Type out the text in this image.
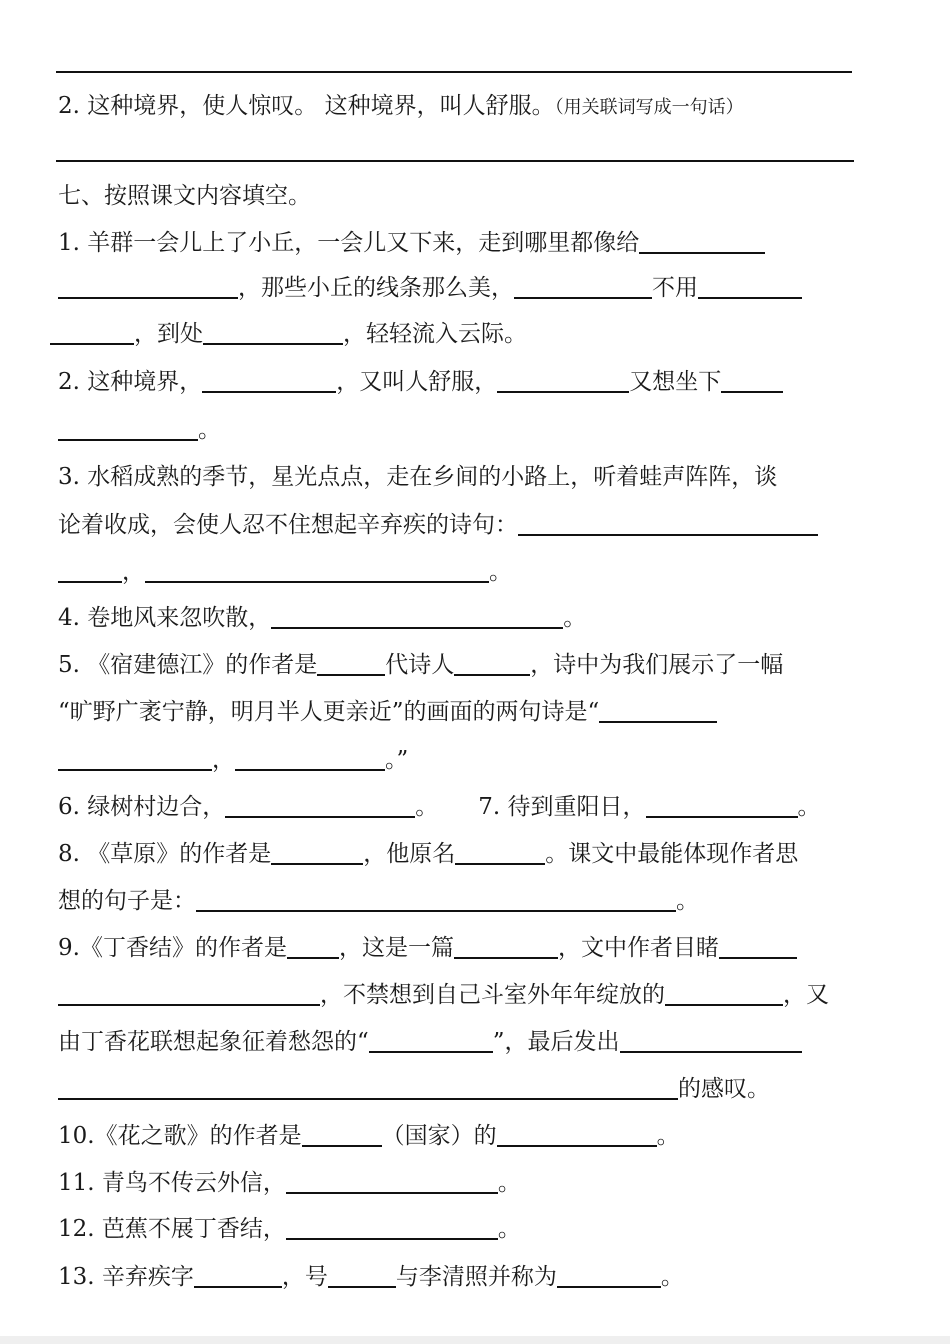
2. 这种境界，使人惊叹。 这种境界，叫人舒服。（用关联词写成一句话）
七、按照课文内容填空。
1. 羊群一会儿上了小丘，一会儿又下来，走到哪里都像给
，那些小丘的线条那么美，	不用
，到处	，轻轻流入云际。
2. 这种境界，	，又叫人舒服，	又想坐下
。
3. 水稻成熟的季节，星光点点，走在乡间的小路上，听着蛙声阵阵，谈
论着收成，会使人忍不住想起辛弃疾的诗句：
，	。
4. 卷地风来忽吹散，	。
5. 《宿建德江》的作者是	代诗人	，诗中为我们展示了一幅
“旷野广袤宁静，明月半人更亲近”的画面的两句诗是“
，	。”
6. 绿树村边合，	。 7. 待到重阳日，	。
8. 《草原》的作者是	，他原名	。课文中最能体现作者思
想的句子是：	。
9.《丁香结》的作者是 ，这是一篇	，文中作者目睹
，不禁想到自己斗室外年年绽放的	，又
由丁香花联想起象征着愁怨的“	”，最后发出
的感叹。
10.《花之歌》的作者是	（国家）的	。
11. 青鸟不传云外信，	。
12. 芭蕉不展丁香结，	。
13. 辛弃疾字	，号	与李清照并称为	。
